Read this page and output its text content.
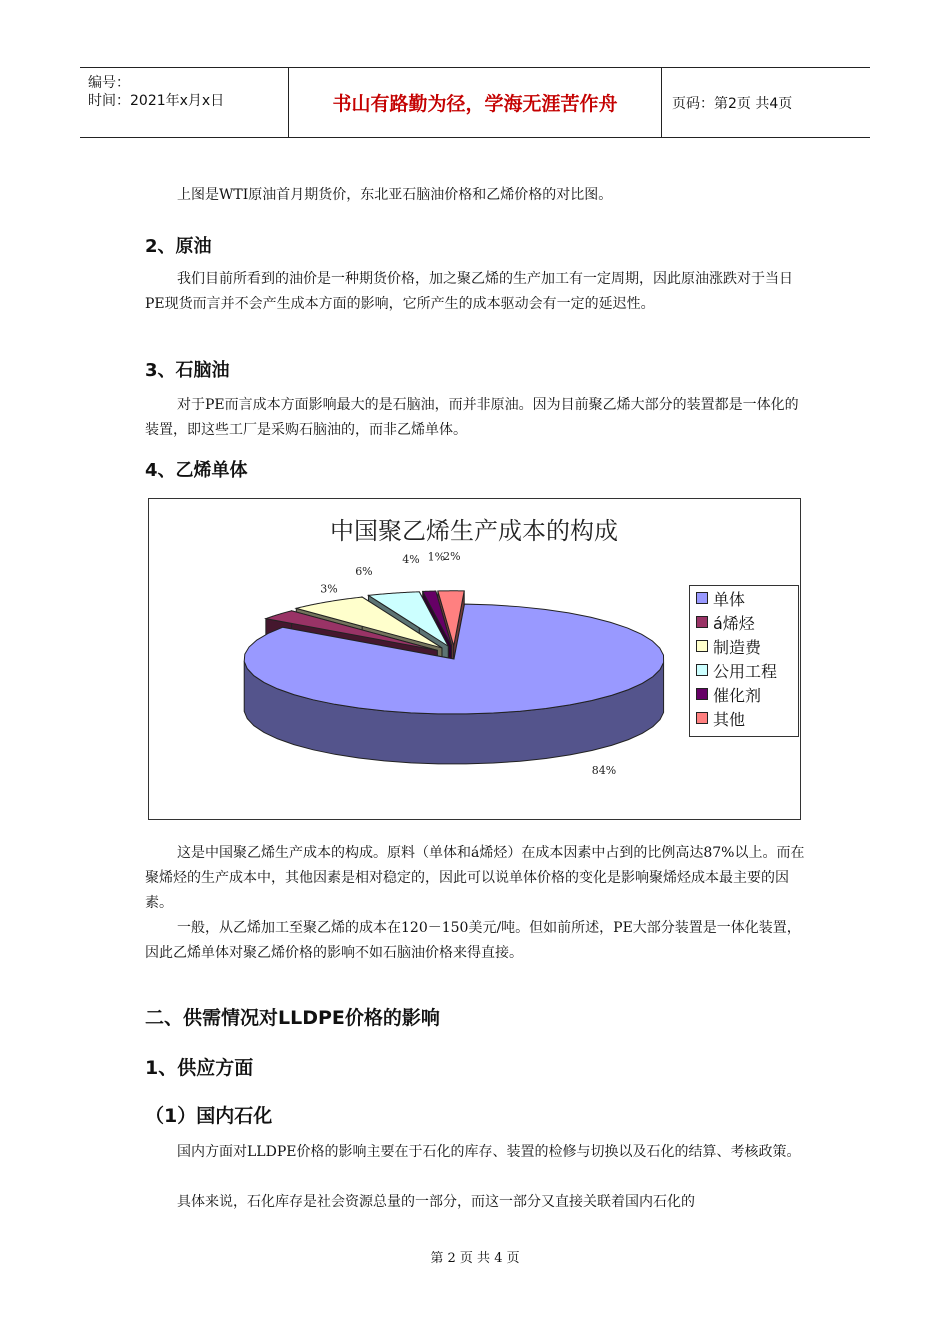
编号：
时间：2021年x月x日	书山有路勤为径，学海无涯苦作舟	页码：第2页 共4页
上图是WTI原油首月期货价，东北亚石脑油价格和乙烯价格的对比图。
2、原油
我们目前所看到的油价是一种期货价格，加之聚乙烯的生产加工有一定周期，因此原油涨跌对于当日PE现货而言并不会产生成本方面的影响，它所产生的成本驱动会有一定的延迟性。
3、石脑油
对于PE而言成本方面影响最大的是石脑油，而并非原油。因为目前聚乙烯大部分的装置都是一体化的装置，即这些工厂是采购石脑油的，而非乙烯单体。
4、乙烯单体
中国聚乙烯生产成本的构成
84%
3%
6%
4% 1%
2%
单体
á烯烃
制造费
公用工程
催化剂
其他
这是中国聚乙烯生产成本的构成。原料（单体和á烯烃）在成本因素中占到的比例高达87%以上。而在聚烯烃的生产成本中，其他因素是相对稳定的，因此可以说单体价格的变化是影响聚烯烃成本最主要的因素。
一般，从乙烯加工至聚乙烯的成本在120－150美元/吨。但如前所述，PE大部分装置是一体化装置，因此乙烯单体对聚乙烯价格的影响不如石脑油价格来得直接。
二、供需情况对LLDPE价格的影响
1、供应方面
（1）国内石化
国内方面对LLDPE价格的影响主要在于石化的库存、装置的检修与切换以及石化的结算、考核政策。
具体来说，石化库存是社会资源总量的一部分，而这一部分又直接关联着国内石化的
第 2 页 共 4 页
